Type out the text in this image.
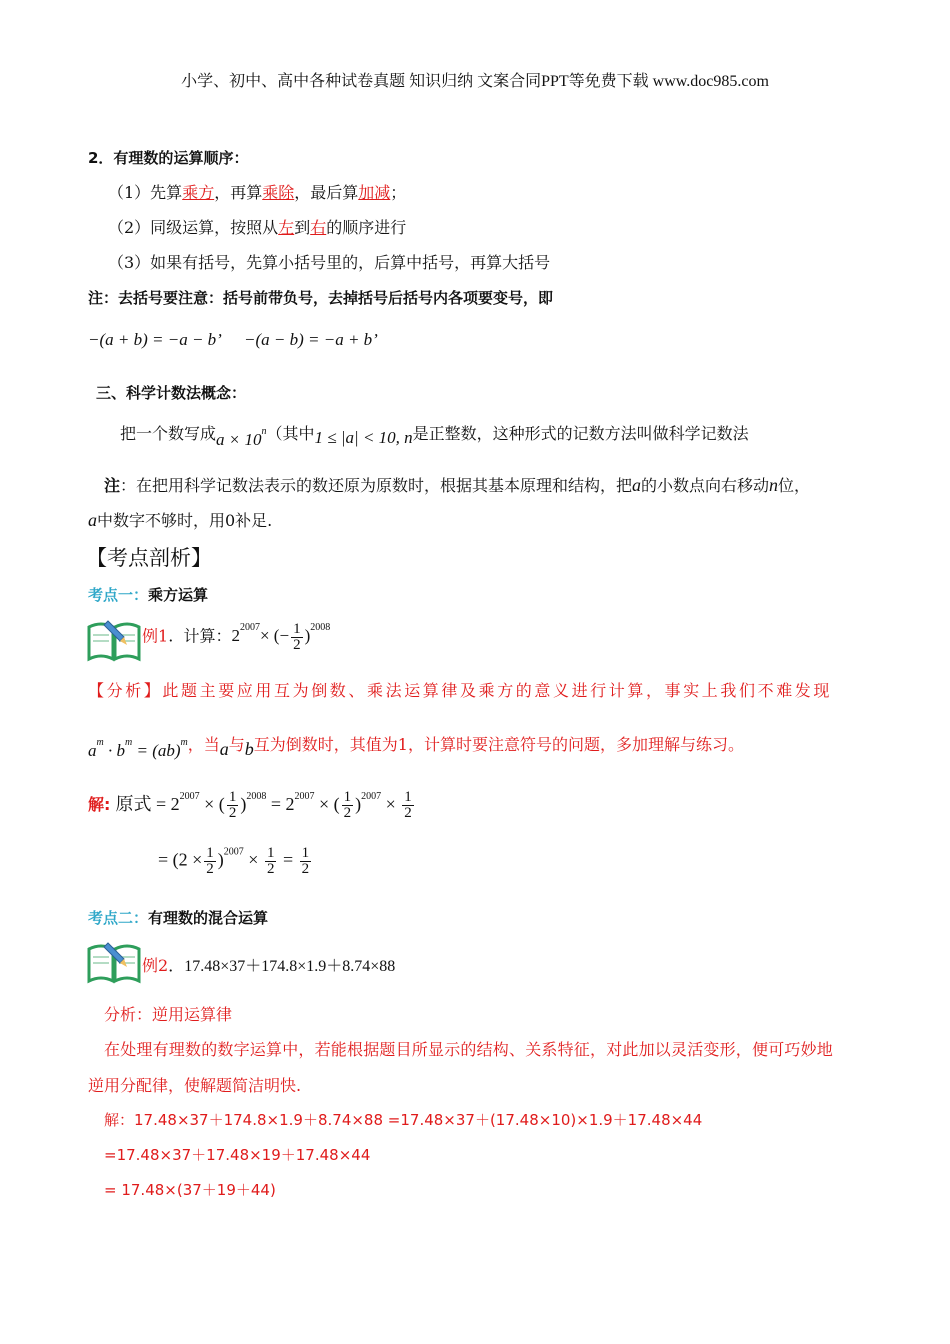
小学、初中、高中各种试卷真题 知识归纳 文案合同PPT等免费下载 www.doc985.com
2．有理数的运算顺序：
（1）先算乘方，再算乘除，最后算加减；
（2）同级运算，按照从左到右的顺序进行
（3）如果有括号，先算小括号里的，后算中括号，再算大括号
注：去括号要注意：括号前带负号，去掉括号后括号内各项要变号，即
−(a + b) = −a − b’ −(a − b) = −a + b’
三、科学计数法概念：
把一个数写成$a \times 10^n$（其中1 ≤ |a| < 10, n是正整数，这种形式的记数方法叫做科学记数法
注：在把用科学记数法表示的数还原为原数时，根据其基本原理和结构，把a的小数点向右移动n位，
a中数字不够时，用0补足.
【考点剖析】
考点一：乘方运算
例1. 计算：$2^{2007}\times$ (− $\frac{1}{2} )^{2008}$
【分析】此题主要应用互为倒数、乘法运算律及乘方的意义进行计算，事实上我们不难发现
$a^m \cdot b^m = (ab)^m$，当a与b互为倒数时，其值为1，计算时要注意符号的问题，多加理解与练习。
解: 原式 = $2^{2007}$ × ( $\frac{1}{2} )^{2008} = 2^{2007}$ × ( $\frac{1}{2} )^{2007} \times \frac{1}{2}$
= $(2 \times \frac{1}{2} )^{2007} \times \frac{1}{2} = \frac{1}{2}$
考点二：有理数的混合运算
例2．17.48×37＋174.8×1.9＋8.74×88
分析：逆用运算律
在处理有理数的数字运算中，若能根据题目所显示的结构、关系特征，对此加以灵活变形，便可巧妙地
逆用分配律，使解题简洁明快.
解：17.48×37＋174.8×1.9＋8.74×88 =17.48×37＋(17.48×10)×1.9＋17.48×44
=17.48×37＋17.48×19＋17.48×44
= 17.48×(37＋19＋44)
